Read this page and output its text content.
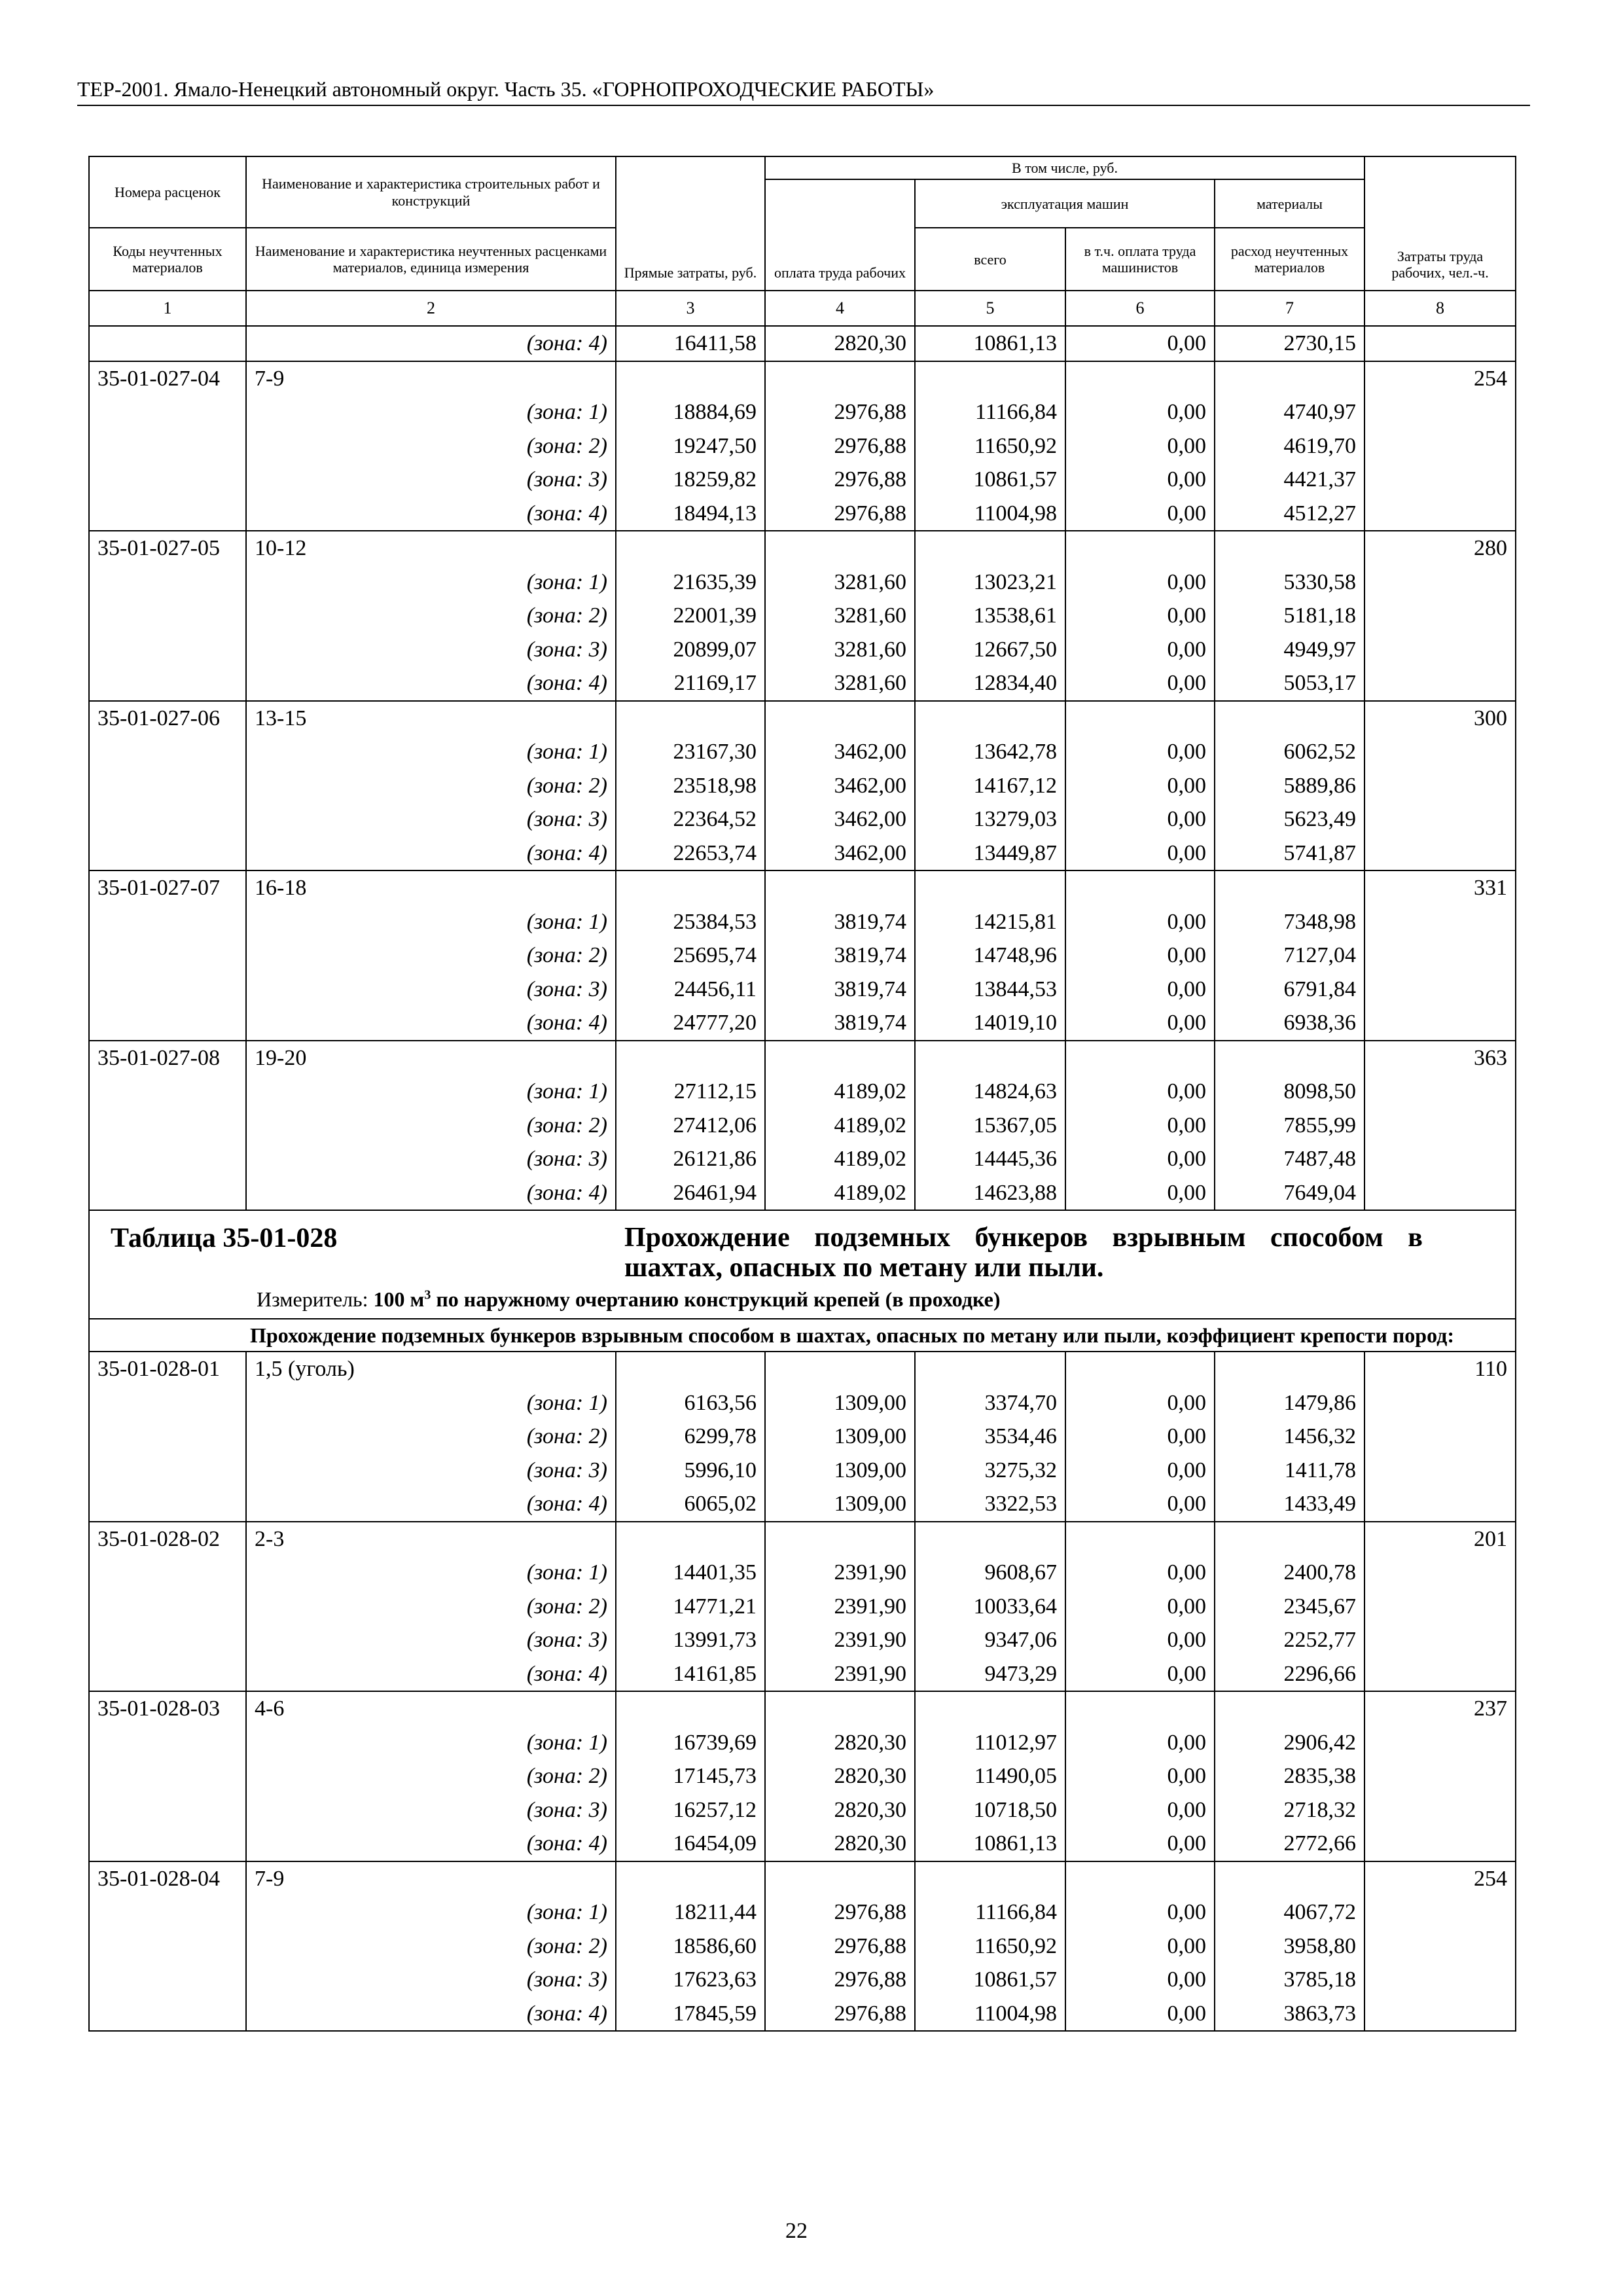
ТЕР-2001. Ямало-Ненецкий автономный округ. Часть 35. «ГОРНОПРОХОДЧЕСКИЕ РАБОТЫ»
Номера расценок	Наименование и характеристика строительных работ и конструкций	Прямые затраты, руб.	В том числе, руб.				Затраты труда рабочих, чел.-ч.
			оплата труда рабочих	эксплуатация машин		материалы	
Коды неучтенных материалов	Наименование и характеристика неучтенных расценками материалов, единица измерения			всего	в т.ч. оплата труда машинистов	расход неучтенных материалов	
1	2	3	4	5	6	7	8
	(зона: 4)	16411,58	2820,30	10861,13	0,00	2730,15	
35-01-027-04	7-9						254
	(зона: 1)	18884,69	2976,88	11166,84	0,00	4740,97	
	(зона: 2)	19247,50	2976,88	11650,92	0,00	4619,70	
	(зона: 3)	18259,82	2976,88	10861,57	0,00	4421,37	
	(зона: 4)	18494,13	2976,88	11004,98	0,00	4512,27	
35-01-027-05	10-12						280
	(зона: 1)	21635,39	3281,60	13023,21	0,00	5330,58	
	(зона: 2)	22001,39	3281,60	13538,61	0,00	5181,18	
	(зона: 3)	20899,07	3281,60	12667,50	0,00	4949,97	
	(зона: 4)	21169,17	3281,60	12834,40	0,00	5053,17	
35-01-027-06	13-15						300
	(зона: 1)	23167,30	3462,00	13642,78	0,00	6062,52	
	(зона: 2)	23518,98	3462,00	14167,12	0,00	5889,86	
	(зона: 3)	22364,52	3462,00	13279,03	0,00	5623,49	
	(зона: 4)	22653,74	3462,00	13449,87	0,00	5741,87	
35-01-027-07	16-18						331
	(зона: 1)	25384,53	3819,74	14215,81	0,00	7348,98	
	(зона: 2)	25695,74	3819,74	14748,96	0,00	7127,04	
	(зона: 3)	24456,11	3819,74	13844,53	0,00	6791,84	
	(зона: 4)	24777,20	3819,74	14019,10	0,00	6938,36	
35-01-027-08	19-20						363
	(зона: 1)	27112,15	4189,02	14824,63	0,00	8098,50	
	(зона: 2)	27412,06	4189,02	15367,05	0,00	7855,99	
	(зона: 3)	26121,86	4189,02	14445,36	0,00	7487,48	
	(зона: 4)	26461,94	4189,02	14623,88	0,00	7649,04	

Таблица 35-01-028 Прохождение подземных бункеров взрывным способом в шахтах, опасных по метану или пыли.
Измеритель: 100 $м^3$ по наружному очертанию конструкций крепей (в проходке)							

Прохождение подземных бункеров взрывным способом в шахтах, опасных по метану или пыли, коэффициент крепости пород:							

35-01-028-01	1,5 (уголь)						110
	(зона: 1)	6163,56	1309,00	3374,70	0,00	1479,86	
	(зона: 2)	6299,78	1309,00	3534,46	0,00	1456,32	
	(зона: 3)	5996,10	1309,00	3275,32	0,00	1411,78	
	(зона: 4)	6065,02	1309,00	3322,53	0,00	1433,49	
35-01-028-02	2-3						201
	(зона: 1)	14401,35	2391,90	9608,67	0,00	2400,78	
	(зона: 2)	14771,21	2391,90	10033,64	0,00	2345,67	
	(зона: 3)	13991,73	2391,90	9347,06	0,00	2252,77	
	(зона: 4)	14161,85	2391,90	9473,29	0,00	2296,66	
35-01-028-03	4-6						237
	(зона: 1)	16739,69	2820,30	11012,97	0,00	2906,42	
	(зона: 2)	17145,73	2820,30	11490,05	0,00	2835,38	
	(зона: 3)	16257,12	2820,30	10718,50	0,00	2718,32	
	(зона: 4)	16454,09	2820,30	10861,13	0,00	2772,66	
35-01-028-04	7-9						254
	(зона: 1)	18211,44	2976,88	11166,84	0,00	4067,72	
	(зона: 2)	18586,60	2976,88	11650,92	0,00	3958,80	
	(зона: 3)	17623,63	2976,88	10861,57	0,00	3785,18	
	(зона: 4)	17845,59	2976,88	11004,98	0,00	3863,73	
22
